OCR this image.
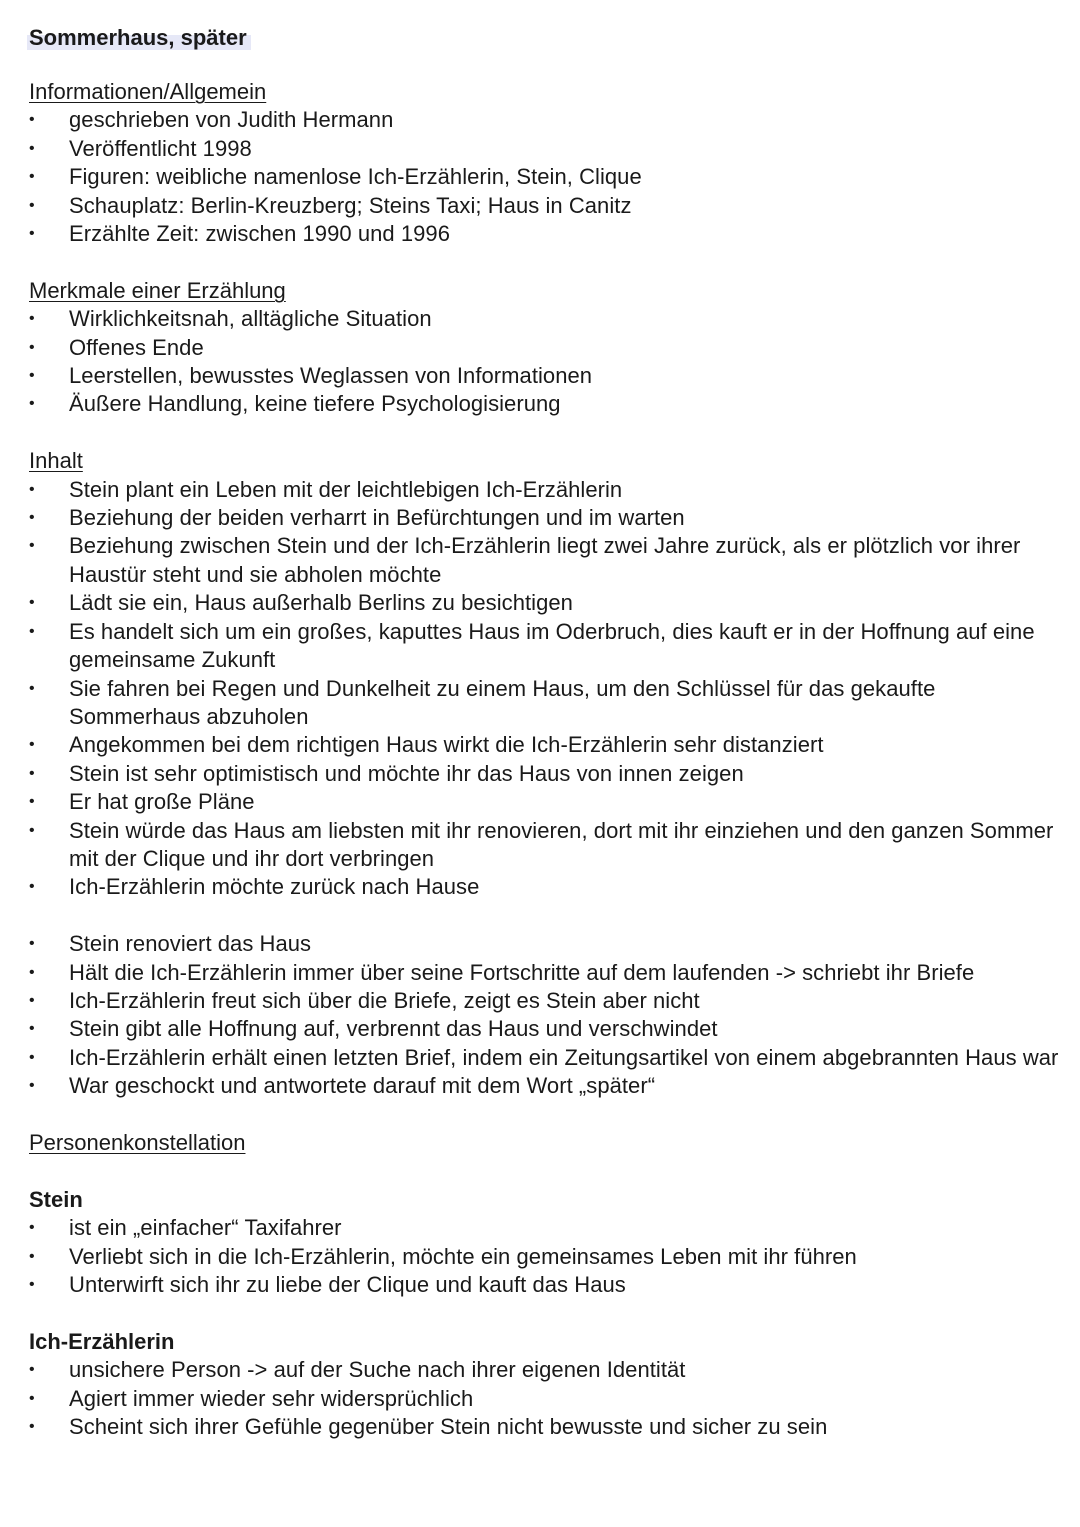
Sommerhaus, später
Informationen/Allgemein
• geschrieben von Judith Hermann
• Veröffentlicht 1998
• Figuren: weibliche namenlose Ich-Erzählerin, Stein, Clique
• Schauplatz: Berlin-Kreuzberg; Steins Taxi; Haus in Canitz
• Erzählte Zeit: zwischen 1990 und 1996
Merkmale einer Erzählung
• Wirklichkeitsnah, alltägliche Situation
• Offenes Ende
• Leerstellen, bewusstes Weglassen von Informationen
• Äußere Handlung, keine tiefere Psychologisierung
Inhalt
• Stein plant ein Leben mit der leichtlebigen Ich-Erzählerin
• Beziehung der beiden verharrt in Befürchtungen und im warten
• Beziehung zwischen Stein und der Ich-Erzählerin liegt zwei Jahre zurück, als er plötzlich vor ihrer Haustür steht und sie abholen möchte
• Lädt sie ein, Haus außerhalb Berlins zu besichtigen
• Es handelt sich um ein großes, kaputtes Haus im Oderbruch, dies kauft er in der Hoffnung auf eine gemeinsame Zukunft
• Sie fahren bei Regen und Dunkelheit zu einem Haus, um den Schlüssel für das gekaufte Sommerhaus abzuholen
• Angekommen bei dem richtigen Haus wirkt die Ich-Erzählerin sehr distanziert
• Stein ist sehr optimistisch und möchte ihr das Haus von innen zeigen
• Er hat große Pläne
• Stein würde das Haus am liebsten mit ihr renovieren, dort mit ihr einziehen und den ganzen Sommer mit der Clique und ihr dort verbringen
• Ich-Erzählerin möchte zurück nach Hause
• Stein renoviert das Haus
• Hält die Ich-Erzählerin immer über seine Fortschritte auf dem laufenden -> schriebt ihr Briefe
• Ich-Erzählerin freut sich über die Briefe, zeigt es Stein aber nicht
• Stein gibt alle Hoffnung auf, verbrennt das Haus und verschwindet
• Ich-Erzählerin erhält einen letzten Brief, indem ein Zeitungsartikel von einem abgebrannten Haus war
• War geschockt und antwortete darauf mit dem Wort „später“
Personenkonstellation
Stein
• ist ein „einfacher“ Taxifahrer
• Verliebt sich in die Ich-Erzählerin, möchte ein gemeinsames Leben mit ihr führen
• Unterwirft sich ihr zu liebe der Clique und kauft das Haus
Ich-Erzählerin
• unsichere Person -> auf der Suche nach ihrer eigenen Identität
• Agiert immer wieder sehr widersprüchlich
• Scheint sich ihrer Gefühle gegenüber Stein nicht bewusste und sicher zu sein
